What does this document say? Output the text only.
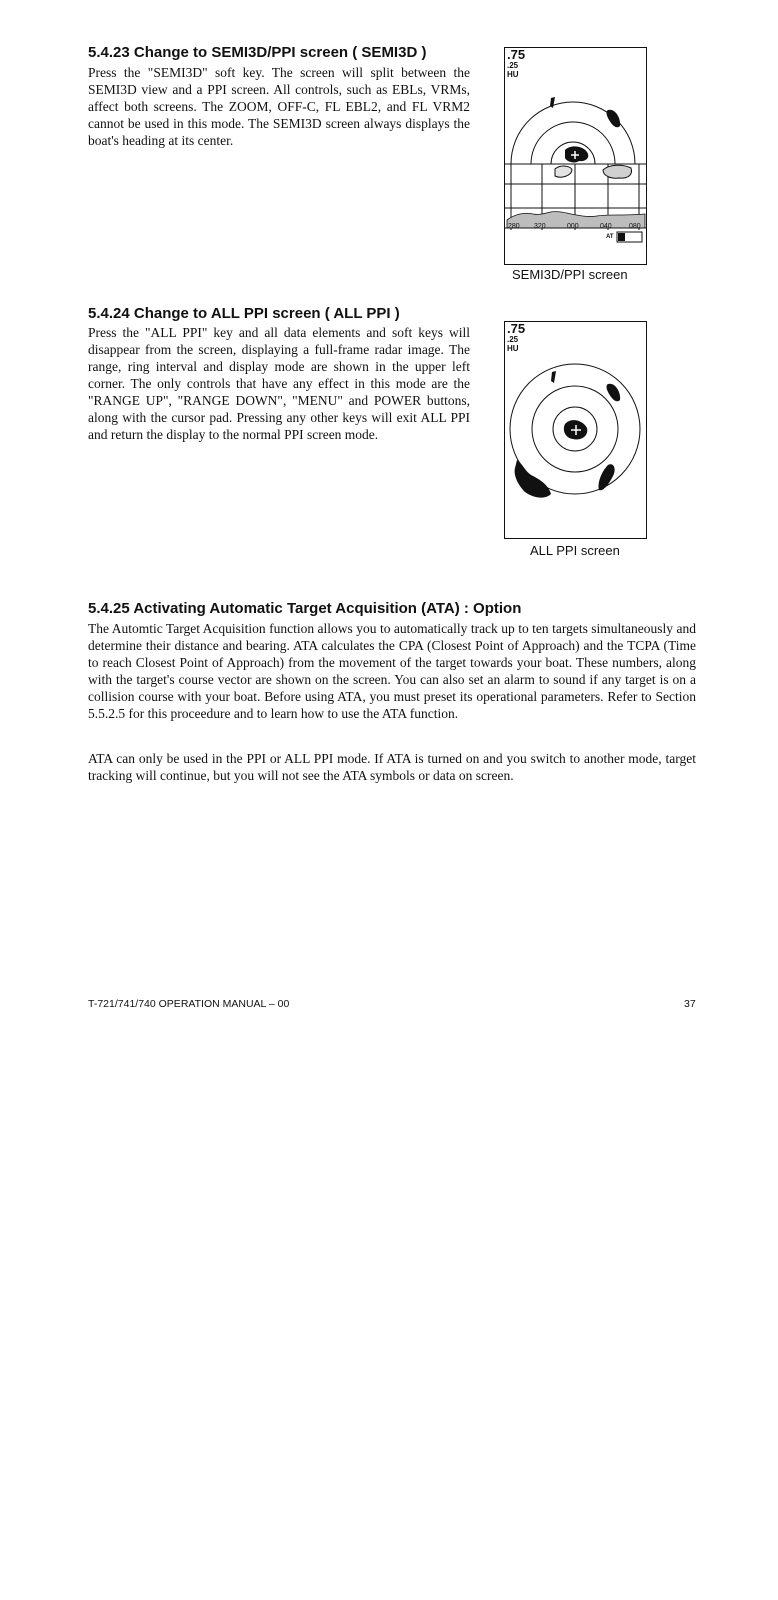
5.4.23 Change to SEMI3D/PPI screen ( SEMI3D )

Press the "SEMI3D" soft key. The screen will split between the SEMI3D view and a PPI screen. All controls, such as EBLs, VRMs, affect both screens. The ZOOM, OFF-C, FL EBL2, and FL VRM2 cannot be used in this mode. The SEMI3D screen always displays the boat's heading at its center.

.75
.25
HU
280 320	000	040 080
AT
SEMI3D/PPI screen
5.4.24 Change to ALL PPI screen ( ALL PPI )

Press the "ALL PPI" key and all data elements and soft keys will disappear from the screen, displaying a full-frame radar image. The range, ring interval and display mode are shown in the upper left corner. The only controls that have any effect in this mode are the "RANGE UP", "RANGE DOWN", "MENU" and POWER buttons, along with the cursor pad. Pressing any other keys will exit ALL PPI and return the display to the normal PPI screen mode.

.75
.25
HU
ALL PPI screen
5.4.25 Activating Automatic Target Acquisition (ATA) : Option

The Automtic Target Acquisition function allows you to automatically track up to ten targets simultaneously and determine their distance and bearing. ATA calculates the CPA (Closest Point of Approach) and the TCPA (Time to reach Closest Point of Approach) from the movement of the target towards your boat. These numbers, along with the target's course vector are shown on the screen. You can also set an alarm to sound if any target is on a collision course with your boat. Before using ATA, you must preset its operational parameters. Refer to Section 5.5.2.5 for this proceedure and to learn how to use the ATA function.

ATA can only be used in the PPI or ALL PPI mode. If ATA is turned on and you switch to another mode, target tracking will continue, but you will not see the ATA symbols or data on screen.

T-721/741/740 OPERATION MANUAL – 00	37
